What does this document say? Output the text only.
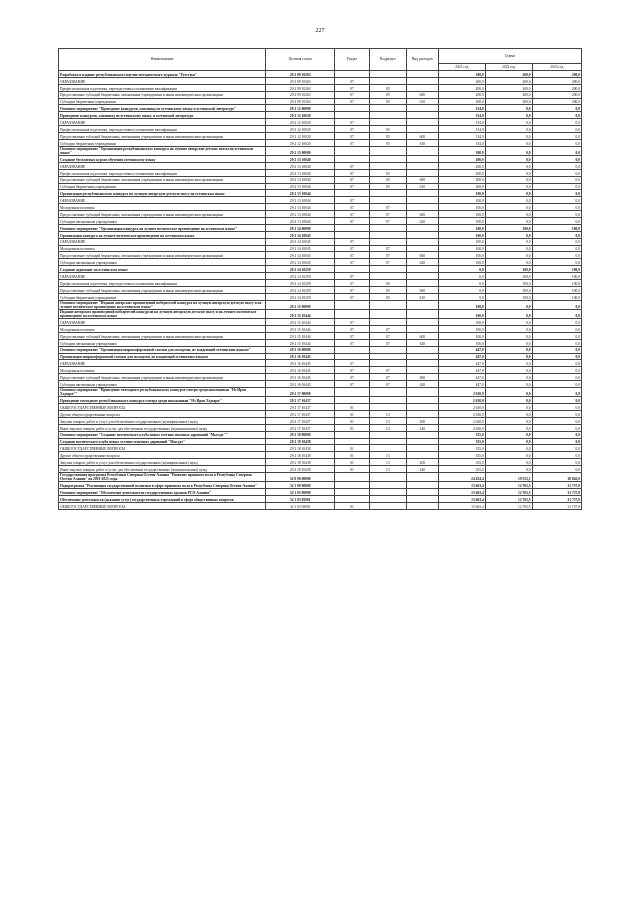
227
Наименование	Целевая статья	Раздел	Подраздел	Вид расходов	Сумма		
					2021 год	2022 год	2023 год
Разработка и издание республиканского научно-методического журнала "Рухстаун"	29 2 09 10263				200,0	200,0	200,0
ОБРАЗОВАНИЕ	29 2 09 10263	07			200,0	200,0	200,0
Профессиональная подготовка, переподготовка и повышение квалификации	29 2 09 10263	07	05		200,0	200,0	200,0
Предоставление субсидий бюджетным, автономным учреждениям и иным некоммерческим организациям	29 2 09 10263	07	05	600	200,0	200,0	200,0
Субсидии бюджетным учреждениям	29 2 09 10263	07	05	610	200,0	200,0	200,0
Основное мероприятие "Проведение конкурсов, олимпиад по осетинскому языку и осетинской литературе"	29 2 12 00000				154,0	0,0	0,0
Проведение конкурсов, олимпиад по осетинскому языку и осетинской литературе	29 2 12 10020				154,0	0,0	0,0
ОБРАЗОВАНИЕ	29 2 12 10020	07			154,0	0,0	0,0
Профессиональная подготовка, переподготовка и повышение квалификации	29 2 12 10020	07	05		154,0	0,0	0,0
Предоставление субсидий бюджетным, автономным учреждениям и иным некоммерческим организациям	29 2 12 10020	07	05	600	154,0	0,0	0,0
Субсидии бюджетным учреждениям	29 2 12 10020	07	05	610	154,0	0,0	0,0
Основное мероприятие "Организация республиканского конкурса на лучшие авторские детские пьесы на осетинском языке"	29 2 13 00000				300,0	0,0	0,0
Создание бесплатных курсов обучения осетинскому языку	29 2 13 10040				200,0	0,0	0,0
ОБРАЗОВАНИЕ	29 2 13 10040	07			200,0	0,0	0,0
Профессиональная подготовка, переподготовка и повышение квалификации	29 2 13 10040	07	05		200,0	0,0	0,0
Предоставление субсидий бюджетным, автономным учреждениям и иным некоммерческим организациям	29 2 13 10040	07	05	600	200,0	0,0	0,0
Субсидии бюджетным учреждениям	29 2 13 10040	07	05	610	200,0	0,0	0,0
Организация республиканского конкурса на лучшую авторскую детскую пьесу на осетинском языке	29 2 13 10044				100,0	0,0	0,0
ОБРАЗОВАНИЕ	29 2 13 10044	07			100,0	0,0	0,0
Молодежная политика	29 2 13 10044	07	07		100,0	0,0	0,0
Предоставление субсидий бюджетным, автономным учреждениям и иным некоммерческим организациям	29 2 13 10044	07	07	600	100,0	0,0	0,0
Субсидии автономным учреждениям	29 2 13 10044	07	07	620	100,0	0,0	0,0
Основное мероприятие "Организация конкурса на лучшее поэтическое произведение на осетинском языке"	29 2 14 00000				100,0	100,0	100,0
Организация конкурса на лучшее поэтическое произведение на осетинском языке	29 2 14 10045				100,0	0,0	0,0
ОБРАЗОВАНИЕ	29 2 14 10045	07			100,0	0,0	0,0
Молодежная политика	29 2 14 10045	07	07		100,0	0,0	0,0
Предоставление субсидий бюджетным, автономным учреждениям и иным некоммерческим организациям	29 2 14 10045	07	07	600	100,0	0,0	0,0
Субсидии автономным учреждениям	29 2 14 10045	07	07	620	100,0	0,0	0,0
Создание аудиокниг на осетинском языке	29 2 14 10259				0,0	100,0	100,0
ОБРАЗОВАНИЕ	29 2 14 10259	07			0,0	100,0	100,0
Профессиональная подготовка, переподготовка и повышение квалификации	29 2 14 10259	07	05		0,0	100,0	100,0
Предоставление субсидий бюджетным, автономным учреждениям и иным некоммерческим организациям	29 2 14 10259	07	05	600	0,0	100,0	100,0
Субсидии бюджетным учреждениям	29 2 14 10259	07	05	610	0,0	100,0	100,0
Основное мероприятие "Издание авторских произведений победителей конкурса на лучшую авторскую детскую пьесу и на лучшее поэтическое произведение на осетинском языке"	29 2 15 00000				100,0	0,0	0,0
Издание авторских произведений победителей конкурсов на лучшую авторскую детскую пьесу и на лучшее поэтическое произведение на осетинском языке	29 2 15 10444				100,0	0,0	0,0
ОБРАЗОВАНИЕ	29 2 15 10444	07			100,0	0,0	0,0
Молодежная политика	29 2 15 10444	07	07		100,0	0,0	0,0
Предоставление субсидий бюджетным, автономным учреждениям и иным некоммерческим организациям	29 2 15 10444	07	07	600	100,0	0,0	0,0
Субсидии автономным учреждениям	29 2 15 10444	07	07	620	100,0	0,0	0,0
Основное мероприятие "Организация широкоформатной съемки для молодежи, не владеющей осетинским языком"	29 2 16 00000				447,0	0,0	0,0
Организация широкоформатной съемки для молодежи, не владеющей осетинским языком	29 2 16 10445				447,0	0,0	0,0
ОБРАЗОВАНИЕ	29 2 16 10445	07			447,0	0,0	0,0
Молодежная политика	29 2 16 10445	07	07		447,0	0,0	0,0
Предоставление субсидий бюджетным, автономным учреждениям и иным некоммерческим организациям	29 2 16 10445	07	07	600	447,0	0,0	0,0
Субсидии автономным учреждениям	29 2 16 10445	07	07	620	447,0	0,0	0,0
Основное мероприятие "Проведение ежегодного республиканского конкурса-смотра среди школьников "Нэ Ирон Хэдзарæ""	29 2 17 00000				2 630,0	0,0	0,0
Проведение ежегодного республиканского конкурса-смотра среди школьников "Нэ Ирон Хэдзарæ"	29 2 17 10437				2 630,0	0,0	0,0
ОБЩЕГОСУДАРСТВЕННЫЕ ВОПРОСЫ	29 2 17 10437	01			2 630,0	0,0	0,0
Другие общегосударственные вопросы	29 2 17 10437	01	13		2 630,0	0,0	0,0
Закупка товаров, работ и услуг для обеспечения государственных (муниципальных) нужд	29 2 17 10437	01	13	200	2 630,0	0,0	0,0
Иные закупки товаров, работ и услуг для обеспечения государственных (муниципальных) нужд	29 2 17 10437	01	13	240	2 630,0	0,0	0,0
Основное мероприятие "Создание поэтического клуба новых осетино-язычных дарований "Мысудт""	29 2 18 00000				355,0	0,0	0,0
Создание поэтического клуба новых осетино-язычных дарований "Мысудт"	29 2 18 10438				355,0	0,0	0,0
ОБЩЕГОСУДАРСТВЕННЫЕ ВОПРОСЫ	29 2 18 10438	01			355,0	0,0	0,0
Другие общегосударственные вопросы	29 2 18 10438	01	13		355,0	0,0	0,0
Закупка товаров, работ и услуг для обеспечения государственных (муниципальных) нужд	29 2 18 10438	01	13	200	355,0	0,0	0,0
Иные закупки товаров, работ и услуг для обеспечения государственных (муниципальных) нужд	29 2 18 10438	01	13	240	355,0	0,0	0,0
Государственная программа Республики Северная Осетия-Алания "Развитие правового поля в Республике Северная Осетия-Алания" на 2019-2023 годы	32 0 00 00000				24 454,4	19 552,1	38 042,0
Подпрограмма "Реализация государственной политики в сфере правового поля в Республике Северная Осетия-Алания"	32 1 00 00000				15 663,4	12 765,5	31 737,0
Основное мероприятие "Обеспечение деятельности государственных органов РСО-Алания"	32 1 03 00000				15 663,4	12 765,5	31 737,0
Обеспечение деятельности (оказание услуг) государственных учреждений в сфере общественных вопросов	32 1 03 05001				15 663,4	12 765,5	31 737,0
ОБЩЕГОСУДАРСТВЕННЫЕ ВОПРОСЫ	32 1 03 05001	01			15 663,4	12 765,5	31 737,0
